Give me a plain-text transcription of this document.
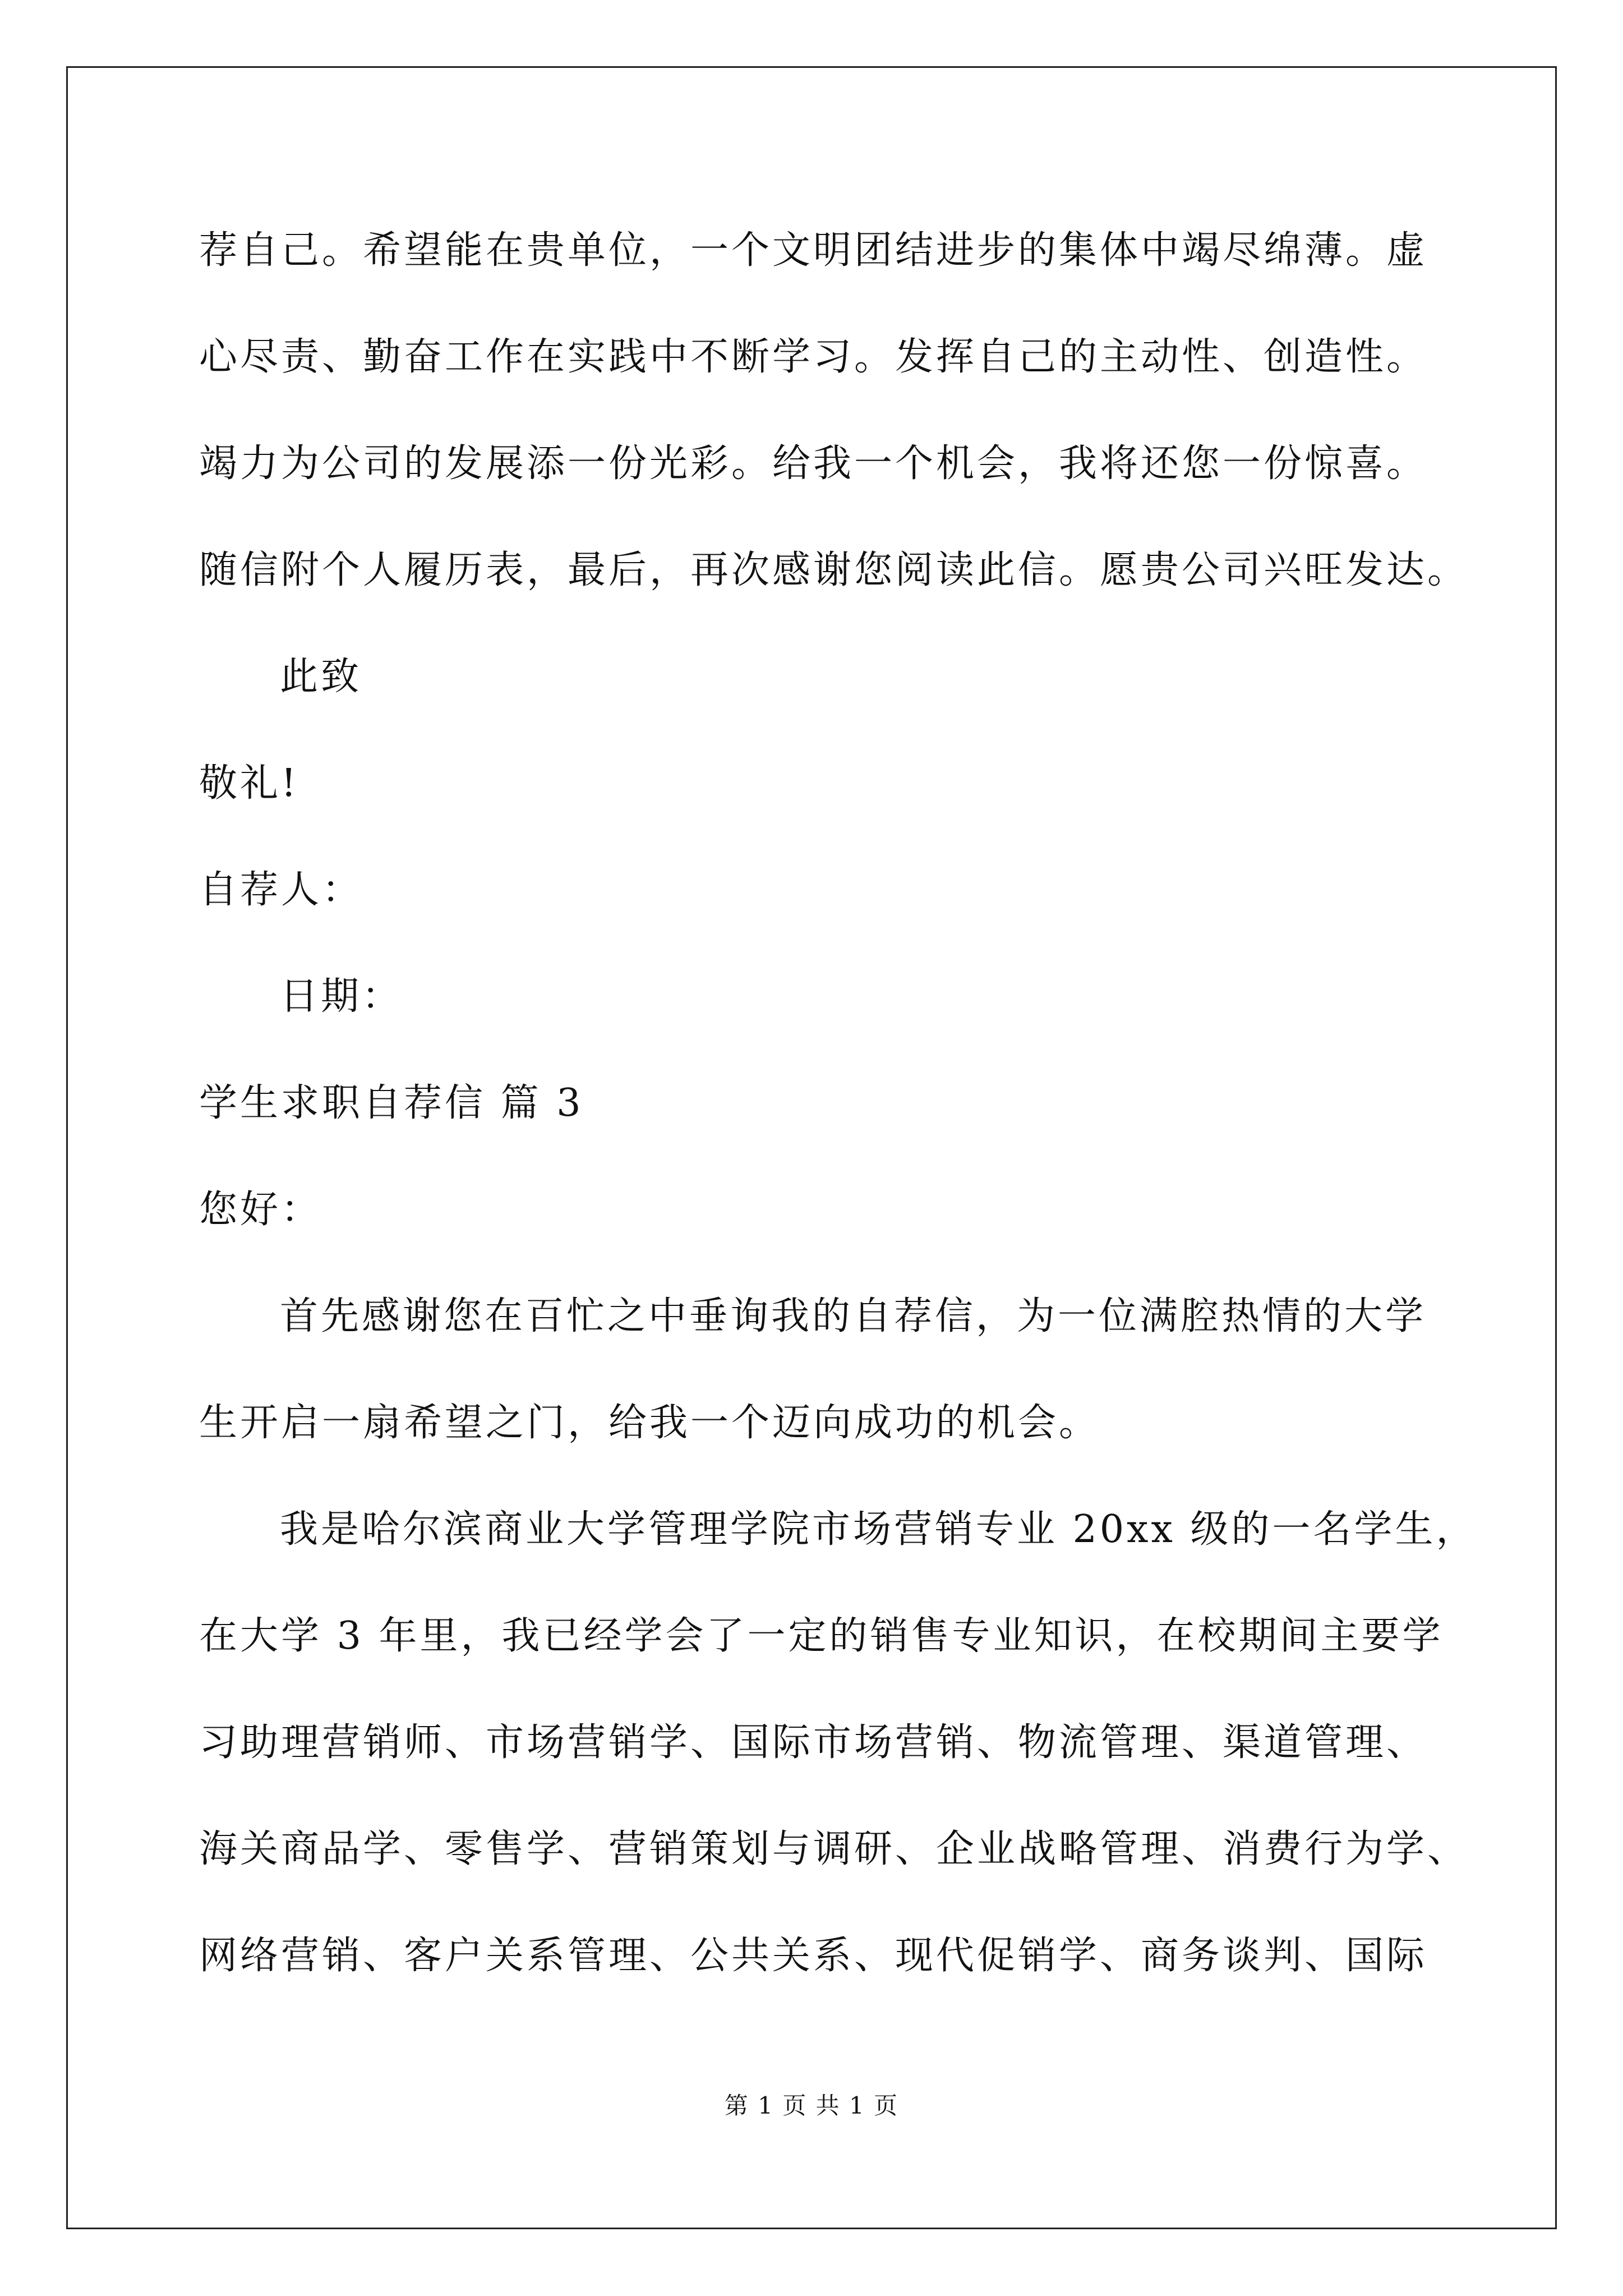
荐自己。希望能在贵单位，一个文明团结进步的集体中竭尽绵薄。虚
心尽责、勤奋工作在实践中不断学习。发挥自己的主动性、创造性。
竭力为公司的发展添一份光彩。给我一个机会，我将还您一份惊喜。
随信附个人履历表，最后，再次感谢您阅读此信。愿贵公司兴旺发达。
此致
敬礼!
自荐人：
日期：
学生求职自荐信 篇 3
您好：
首先感谢您在百忙之中垂询我的自荐信，为一位满腔热情的大学
生开启一扇希望之门，给我一个迈向成功的机会。
我是哈尔滨商业大学管理学院市场营销专业 20xx 级的一名学生，
在大学 3 年里，我已经学会了一定的销售专业知识，在校期间主要学
习助理营销师、市场营销学、国际市场营销、物流管理、渠道管理、
海关商品学、零售学、营销策划与调研、企业战略管理、消费行为学、
网络营销、客户关系管理、公共关系、现代促销学、商务谈判、国际
第 1 页 共 1 页
